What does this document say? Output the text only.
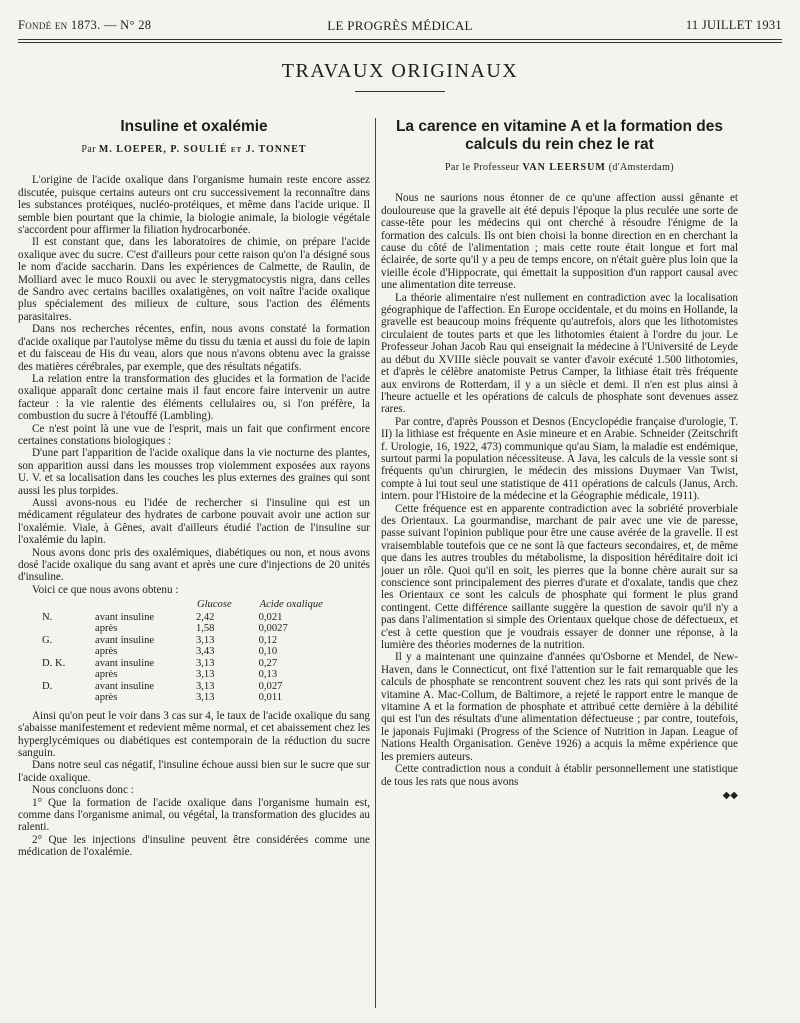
Fondé en 1873. — N° 28	LE PROGRÈS MÉDICAL	11 JUILLET 1931
TRAVAUX ORIGINAUX
Insuline et oxalémie
Par M. LOEPER, P. SOULIÉ et J. TONNET

L'origine de l'acide oxalique dans l'organisme humain reste encore assez discutée, puisque certains auteurs ont cru successivement la reconnaître dans les substances protéiques, nucléo-protéiques, et même dans l'acide urique. Il semble bien pourtant que la chimie, la biologie animale, la biologie végétale s'accordent pour affirmer la filiation hydrocarbonée.

Il est constant que, dans les laboratoires de chimie, on prépare l'acide oxalique avec du sucre. C'est d'ailleurs pour cette raison qu'on l'a désigné sous le nom d'acide saccharin. Dans les expériences de Calmette, de Raulin, de Molliard avec le muco Rouxii ou avec le sterygmatocystis nigra, dans celles de Sandro avec certains bacilles oxalatigènes, on voit naître l'acide oxalique plus spécialement des milieux de culture, sous l'action des éléments parasitaires.

Dans nos recherches récentes, enfin, nous avons constaté la formation d'acide oxalique par l'autolyse même du tissu du tænia et aussi du foie de lapin et du faisceau de His du veau, alors que nous n'avons obtenu avec la graisse des matières cérébrales, par exemple, que des résultats négatifs.

La relation entre la transformation des glucides et la formation de l'acide oxalique apparaît donc certaine mais il faut encore faire intervenir un autre facteur : la vie ralentie des éléments cellulaires ou, si l'on préfère, la combustion du sucre à l'étouffé (Lambling).

Ce n'est point là une vue de l'esprit, mais un fait que confirment encore certaines constations biologiques :

D'une part l'apparition de l'acide oxalique dans la vie nocturne des plantes, son apparition aussi dans les mousses trop violemment exposées aux rayons U. V. et sa localisation dans les couches les plus externes des graines qui sont aussi les plus torpides.

Aussi avons-nous eu l'idée de rechercher si l'insuline qui est un médicament régulateur des hydrates de carbone pouvait avoir une action sur l'oxalémie. Viale, à Gênes, avait d'ailleurs étudié l'action de l'insuline sur l'oxalémie du lapin.

Nous avons donc pris des oxalémiques, diabétiques ou non, et nous avons dosé l'acide oxalique du sang avant et après une cure d'injections de 20 unités d'insuline.

Voici ce que nous avons obtenu :

		Glucose	Acide oxalique
N.	avant insuline	2,42	0,021
	après	1,58	0,0027
G.	avant insuline	3,13	0,12
	après	3,43	0,10
D. K.	avant insuline	3,13	0,27
	après	3,13	0,13
D.	avant insuline	3,13	0,027
	après	3,13	0,011

Ainsi qu'on peut le voir dans 3 cas sur 4, le taux de l'acide oxalique du sang s'abaisse manifestement et redevient même normal, et cet abaissement chez les hyperglycémiques ou diabétiques est contemporain de la réduction du sucre sanguin.

Dans notre seul cas négatif, l'insuline échoue aussi bien sur le sucre que sur l'acide oxalique.

Nous concluons donc :

1° Que la formation de l'acide oxalique dans l'organisme humain est, comme dans l'organisme animal, ou végétal, la transformation des glucides au ralenti.

2° Que les injections d'insuline peuvent être considérées comme une médication de l'oxalémie.

La carence en vitamine A et la formation des calculs du rein chez le rat
Par le Professeur VAN LEERSUM (d'Amsterdam)

Nous ne saurions nous étonner de ce qu'une affection aussi gênante et douloureuse que la gravelle ait été depuis l'époque la plus reculée une sorte de casse-tête pour les médecins qui ont cherché à résoudre l'énigme de la formation des calculs. Ils ont bien choisi la bonne direction en en cherchant la cause du côté de l'alimentation ; mais cette route était longue et fort mal éclairée, de sorte qu'il y a peu de temps encore, on n'était guère plus loin que la vieille école d'Hippocrate, qui émettait la supposition d'un rapport causal avec une alimentation dite terreuse.

La théorie alimentaire n'est nullement en contradiction avec la localisation géographique de l'affection. En Europe occidentale, et du moins en Hollande, la gravelle est beaucoup moins fréquente qu'autrefois, alors que les lithotomistes circulaient de toutes parts et que les lithotomies étaient à l'ordre du jour. Le Professeur Johan Jacob Rau qui enseignait la médecine à l'Université de Leyde au début du XVIIIe siècle pouvait se vanter d'avoir exécuté 1.500 lithotomies, et d'après le célèbre anatomiste Petrus Camper, la lithiase était très fréquente aux environs de Rotterdam, il y a un siècle et demi. Il n'en est plus ainsi à l'heure actuelle et les opérations de calculs de phosphate sont devenues assez rares.

Par contre, d'après Pousson et Desnos (Encyclopédie française d'urologie, T. II) la lithiase est fréquente en Asie mineure et en Arabie. Schneider (Zeitschrift f. Urologie, 16, 1922, 473) communique qu'au Siam, la maladie est endémique, surtout parmi la population nécessiteuse. A Java, les calculs de la vessie sont si fréquents qu'un chirurgien, le médecin des missions Duymaer Van Twist, compte à lui tout seul une statistique de 411 opérations de calculs (Janus, Arch. intern. pour l'Histoire de la médecine et la Géographie médicale, 1911).

Cette fréquence est en apparente contradiction avec la sobriété proverbiale des Orientaux. La gourmandise, marchant de pair avec une vie de paresse, passe suivant l'opinion publique pour être une cause avérée de la gravelle. Il est vraisemblable toutefois que ce ne sont là que facteurs secondaires, et, de même que dans les autres troubles du métabolisme, la disposition héréditaire doit ici jouer un rôle. Quoi qu'il en soit, les pierres que la bonne chère aurait sur sa conscience sont principalement des pierres d'urate et d'oxalate, tandis que chez les Orientaux ce sont les calculs de phosphate qui forment le plus grand contingent. Cette différence saillante suggère la question de savoir qu'il n'y a pas dans l'alimentation si simple des Orientaux quelque chose de défectueux, et c'est à cette question que je voudrais essayer de donner une réponse, à la lumière des théories modernes de la nutrition.

Il y a maintenant une quinzaine d'années qu'Osborne et Mendel, de New-Haven, dans le Connecticut, ont fixé l'attention sur le fait remarquable que les calculs de phosphate se rencontrent souvent chez les rats qui sont privés de la vitamine A. Mac-Collum, de Baltimore, a rejeté le rapport entre le manque de vitamine A et la formation de phosphate et attribué cette dernière à la débilité qui est l'un des résultats d'une alimentation défectueuse ; par contre, toutefois, le japonais Fujimaki (Progress of the Science of Nutrition in Japan. League of Nations Health Organisation. Genève 1926) a acquis la même expérience que les premiers auteurs.

Cette contradiction nous a conduit à établir personnellement une statistique de tous les rats que nous avons

◆◆
